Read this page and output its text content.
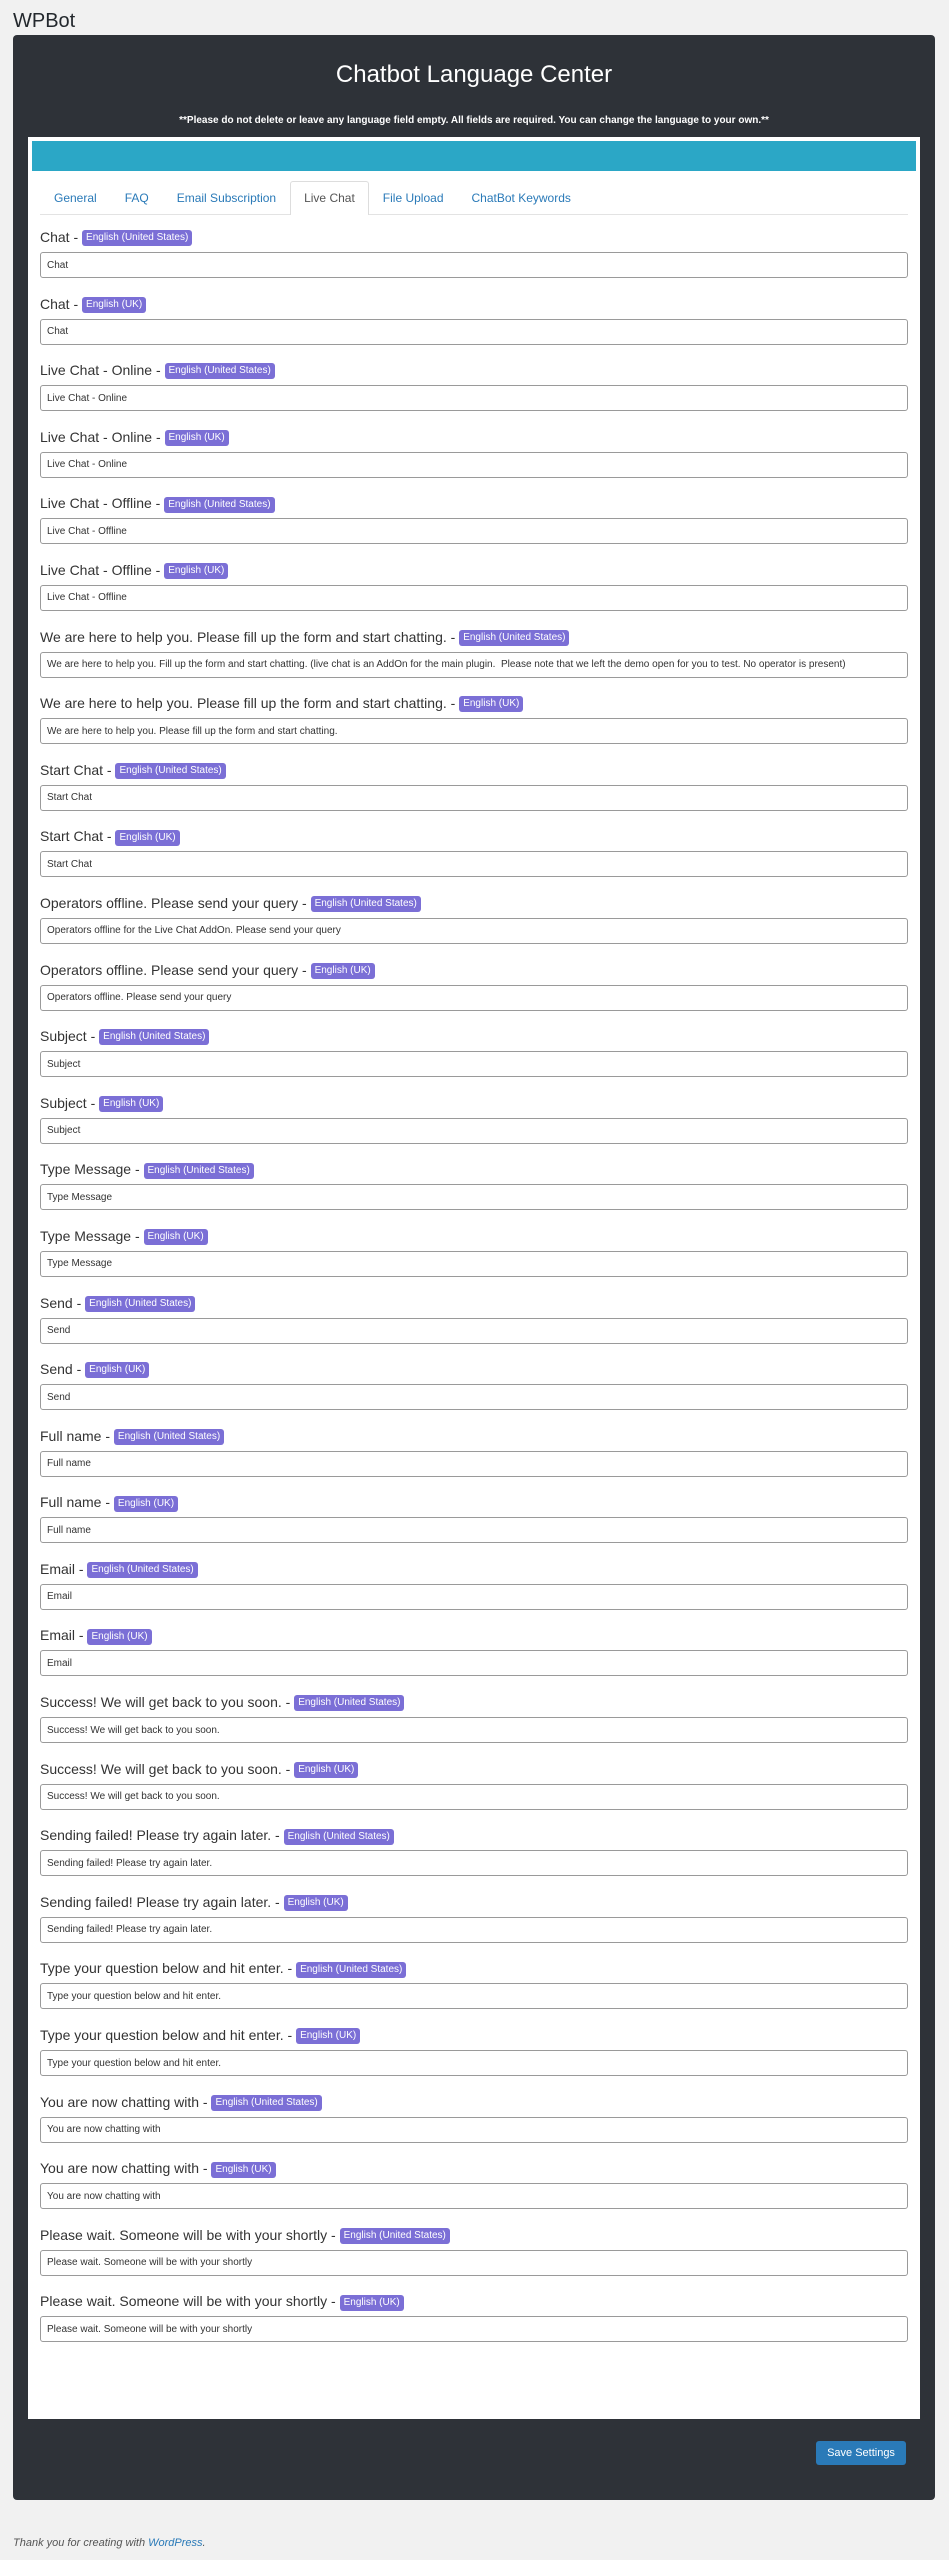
WPBot
Chatbot Language Center
**Please do not delete or leave any language field empty. All fields are required. You can change the language to your own.**
General	FAQ	Email Subscription	Live Chat	File Upload	ChatBot Keywords
Chat - English (United States)
Chat
Chat - English (UK)
Chat
Live Chat - Online - English (United States)
Live Chat - Online
Live Chat - Online - English (UK)
Live Chat - Online
Live Chat - Offline - English (United States)
Live Chat - Offline
Live Chat - Offline - English (UK)
Live Chat - Offline
We are here to help you. Please fill up the form and start chatting. - English (United States)
We are here to help you. Fill up the form and start chatting. (live chat is an AddOn for the main plugin. Please note that we left the demo open for you to test. No operator is present)
We are here to help you. Please fill up the form and start chatting. - English (UK)
We are here to help you. Please fill up the form and start chatting.
Start Chat - English (United States)
Start Chat
Start Chat - English (UK)
Start Chat
Operators offline. Please send your query - English (United States)
Operators offline for the Live Chat AddOn. Please send your query
Operators offline. Please send your query - English (UK)
Operators offline. Please send your query
Subject - English (United States)
Subject
Subject - English (UK)
Subject
Type Message - English (United States)
Type Message
Type Message - English (UK)
Type Message
Send - English (United States)
Send
Send - English (UK)
Send
Full name - English (United States)
Full name
Full name - English (UK)
Full name
Email - English (United States)
Email
Email - English (UK)
Email
Success! We will get back to you soon. - English (United States)
Success! We will get back to you soon.
Success! We will get back to you soon. - English (UK)
Success! We will get back to you soon.
Sending failed! Please try again later. - English (United States)
Sending failed! Please try again later.
Sending failed! Please try again later. - English (UK)
Sending failed! Please try again later.
Type your question below and hit enter. - English (United States)
Type your question below and hit enter.
Type your question below and hit enter. - English (UK)
Type your question below and hit enter.
You are now chatting with - English (United States)
You are now chatting with
You are now chatting with - English (UK)
You are now chatting with
Please wait. Someone will be with your shortly - English (United States)
Please wait. Someone will be with your shortly
Please wait. Someone will be with your shortly - English (UK)
Please wait. Someone will be with your shortly
Save Settings
Thank you for creating with WordPress.
